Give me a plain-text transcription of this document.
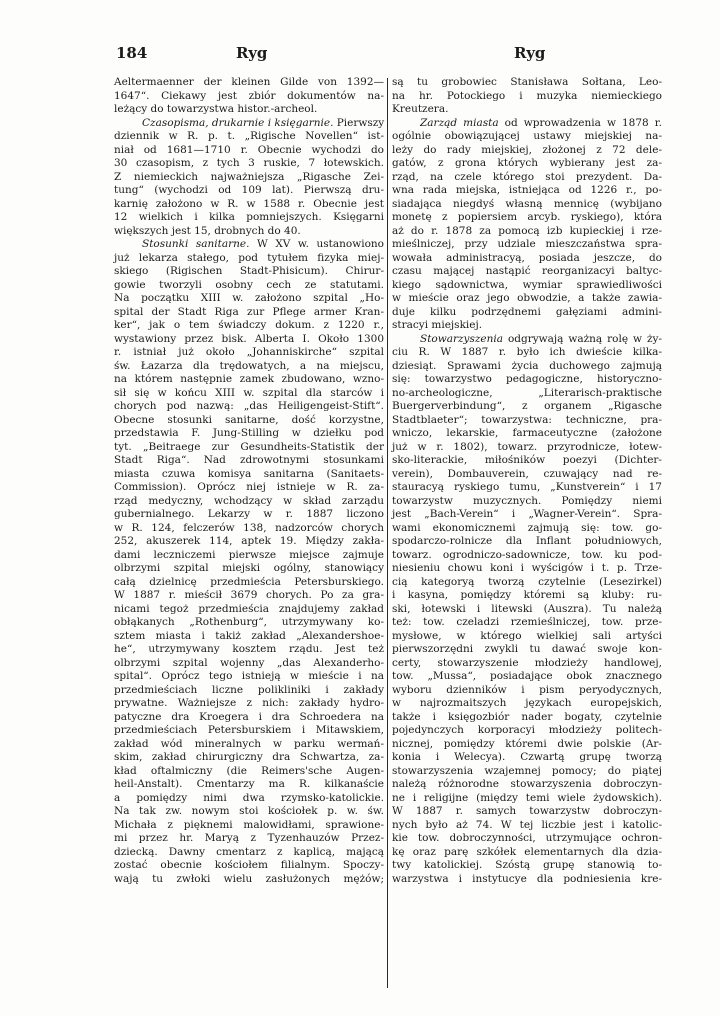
184	Ryg	Ryg
Aeltermaenner der kleinen Gilde von 1392—
1647“. Ciekawy jest zbiór dokumentów na-
leżący do towarzystwa histor.-archeol.
Czasopisma, drukarnie i księgarnie. Pierwszy
dziennik w R. p. t. „Rigische Novellen“ ist-
niał od 1681—1710 r. Obecnie wychodzi do
30 czasopism, z tych 3 ruskie, 7 łotewskich.
Z niemieckich najważniejsza „Rigasche Zei-
tung“ (wychodzi od 109 lat). Pierwszą dru-
karnię założono w R. w 1588 r. Obecnie jest
12 wielkich i kilka pomniejszych. Księgarni
większych jest 15, drobnych do 40.
Stosunki sanitarne. W XV w. ustanowiono
już lekarza stałego, pod tytułem fizyka miej-
skiego (Rigischen Stadt-Phisicum). Chirur-
gowie tworzyli osobny cech ze statutami.
Na początku XIII w. założono szpital „Ho-
spital der Stadt Riga zur Pflege armer Kran-
ker“, jak o tem świadczy dokum. z 1220 r.,
wystawiony przez bisk. Alberta I. Około 1300
r. istniał już około „Johanniskirche“ szpital
św. Łazarza dla trędowatych, a na miejscu,
na którem następnie zamek zbudowano, wzno-
sił się w końcu XIII w. szpital dla starców i
chorych pod nazwą: „das Heiligengeist-Stift“.
Obecne stosunki sanitarne, dość korzystne,
przedstawia F. Jung-Stilling w dziełku pod
tyt. „Beitraege zur Gesundheits-Statistik der
Stadt Riga“. Nad zdrowotnymi stosunkami
miasta czuwa komisya sanitarna (Sanitaets-
Commission). Oprócz niej istnieje w R. za-
rząd medyczny, wchodzący w skład zarządu
gubernialnego. Lekarzy w r. 1887 liczono
w R. 124, felczerów 138, nadzorców chorych
252, akuszerek 114, aptek 19. Między zakła-
dami leczniczemi pierwsze miejsce zajmuje
olbrzymi szpital miejski ogólny, stanowiący
całą dzielnicę przedmieścia Petersburskiego.
W 1887 r. mieścił 3679 chorych. Po za gra-
nicami tegoż przedmieścia znajdujemy zakład
obłąkanych „Rothenburg“, utrzymywany ko-
sztem miasta i takiż zakład „Alexandershoe-
he“, utrzymywany kosztem rządu. Jest też
olbrzymi szpital wojenny „das Alexanderho-
spital“. Oprócz tego istnieją w mieście i na
przedmieściach liczne polikliniki i zakłady
prywatne. Ważniejsze z nich: zakłady hydro-
patyczne dra Kroegera i dra Schroedera na
przedmieściach Petersburskiem i Mitawskiem,
zakład wód mineralnych w parku wermań-
skim, zakład chirurgiczny dra Schwartza, za-
kład oftalmiczny (die Reimers'sche Augen-
heil-Anstalt). Cmentarzy ma R. kilkanaście
a pomiędzy nimi dwa rzymsko-katolickie.
Na tak zw. nowym stoi kościołek p. w. św.
Michała z pięknemi malowidłami, sprawione-
mi przez hr. Maryą z Tyzenhauzów Przez-
dziecką. Dawny cmentarz z kaplicą, mającą
zostać obecnie kościołem filialnym. Spoczy-
wają tu zwłoki wielu zasłużonych mężów;
są tu grobowiec Stanisława Sołtana, Leo-
na hr. Potockiego i muzyka niemieckiego
Kreutzera.
Zarząd miasta od wprowadzenia w 1878 r.
ogólnie obowiązującej ustawy miejskiej na-
leży do rady miejskiej, złożonej z 72 dele-
gatów, z grona których wybierany jest za-
rząd, na czele którego stoi prezydent. Da-
wna rada miejska, istniejąca od 1226 r., po-
siadająca niegdyś własną mennicę (wybijano
monetę z popiersiem arcyb. ryskiego), która
aż do r. 1878 za pomocą izb kupieckiej i rze-
mieślniczej, przy udziale mieszczaństwa spra-
wowała administracyą, posiada jeszcze, do
czasu mającej nastąpić reorganizacyi baltyc-
kiego sądownictwa, wymiar sprawiedliwości
w mieście oraz jego obwodzie, a także zawia-
duje kilku podrzędnemi gałęziami admini-
stracyi miejskiej.
Stowarzyszenia odgrywają ważną rolę w ży-
ciu R. W 1887 r. było ich dwieście kilka-
dziesiąt. Sprawami życia duchowego zajmują
się: towarzystwo pedagogiczne, historyczno-
no-archeologiczne, „Literarisch-praktische
Buergerverbindung“, z organem „Rigasche
Stadtblaeter“; towarzystwa: techniczne, pra-
wniczo, lekarskie, farmaceutyczne (założone
już w r. 1802), towarz. przyrodnicze, łotew-
sko-literackie, miłośników poezyi (Dichter-
verein), Dombauverein, czuwający nad re-
stauracyą ryskiego tumu, „Kunstverein“ i 17
towarzystw muzycznych. Pomiędzy niemi
jest „Bach-Verein“ i „Wagner-Verein“. Spra-
wami ekonomicznemi zajmują się: tow. go-
spodarczo-rolnicze dla Inflant południowych,
towarz. ogrodniczo-sadownicze, tow. ku pod-
niesieniu chowu koni i wyścigów i t. p. Trze-
cią kategoryą tworzą czytelnie (Lesezirkel)
i kasyna, pomiędzy któremi są kluby: ru-
ski, łotewski i litewski (Auszra). Tu należą
też: tow. czeladzi rzemieślniczej, tow. prze-
mysłowe, w którego wielkiej sali artyści
pierwszorzędni zwykli tu dawać swoje kon-
certy, stowarzyszenie młodzieży handlowej,
tow. „Mussa“, posiadające obok znacznego
wyboru dzienników i pism peryodycznych,
w najrozmaitszych językach europejskich,
także i księgozbiór nader bogaty, czytelnie
pojedynczych korporacyi młodzieży politech-
nicznej, pomiędzy któremi dwie polskie (Ar-
konia i Welecya). Czwartą grupę tworzą
stowarzyszenia wzajemnej pomocy; do piątej
należą różnorodne stowarzyszenia dobroczyn-
ne i religijne (między temi wiele żydowskich).
W 1887 r. samych towarzystw dobroczyn-
nych było aż 74. W tej liczbie jest i katolic-
kie tow. dobroczynności, utrzymujące ochron-
kę oraz parę szkółek elementarnych dla dzia-
twy katolickiej. Szóstą grupę stanowią to-
warzystwa i instytucye dla podniesienia kre-
